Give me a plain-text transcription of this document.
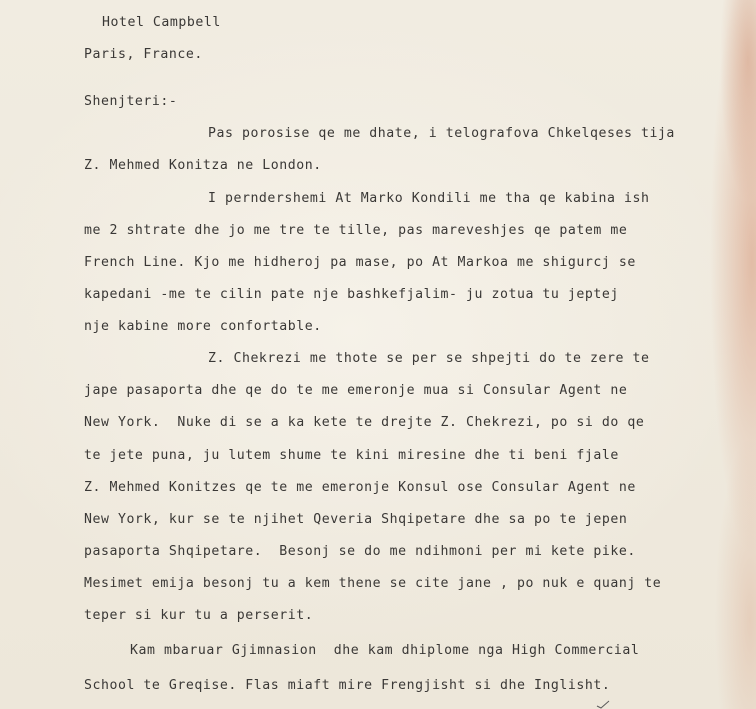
Hotel Campbell

Paris, France.

Shenjteri:-

Pas porosise qe me dhate, i telografova Chkelqeses tija

Z. Mehmed Konitza ne London.

I perndershemi At Marko Kondili me tha qe kabina ish

me 2 shtrate dhe jo me tre te tille, pas mareveshjes qe patem me

French Line. Kjo me hidheroj pa mase, po At Markoa me shigurcj se

kapedani -me te cilin pate nje bashkefjalim- ju zotua tu jeptej

nje kabine more confortable.

Z. Chekrezi me thote se per se shpejti do te zere te

jape pasaporta dhe qe do te me emeronje mua si Consular Agent ne

New York.  Nuke di se a ka kete te drejte Z. Chekrezi, po si do qe

te jete puna, ju lutem shume te kini miresine dhe ti beni fjale

Z. Mehmed Konitzes qe te me emeronje Konsul ose Consular Agent ne

New York, kur se te njihet Qeveria Shqipetare dhe sa po te jepen

pasaporta Shqipetare.  Besonj se do me ndihmoni per mi kete pike.

Mesimet emija besonj tu a kem thene se cite jane , po nuk e quanj te

teper si kur tu a perserit.

Kam mbaruar Gjimnasion  dhe kam dhiplome nga High Commercial

School te Greqise. Flas miaft mire Frengjisht si dhe Inglisht.
